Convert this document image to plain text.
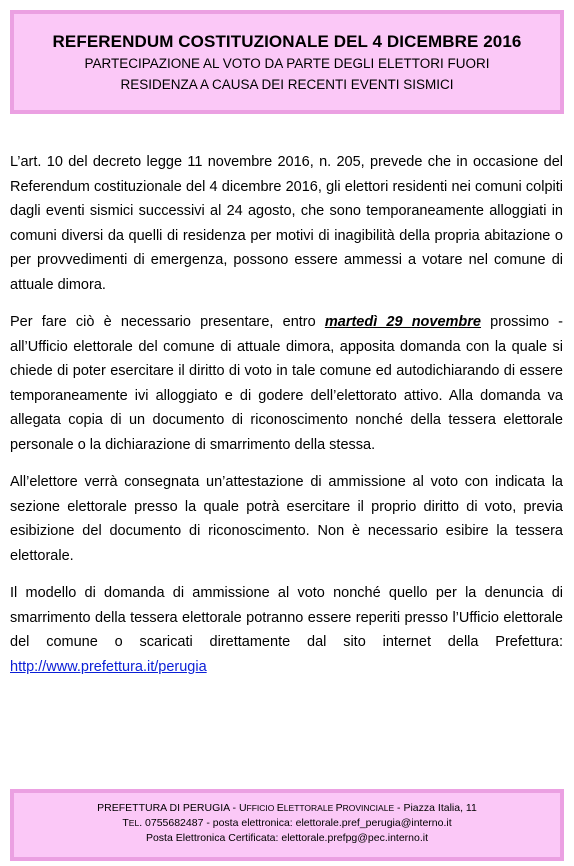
REFERENDUM COSTITUZIONALE DEL 4 DICEMBRE 2016
PARTECIPAZIONE AL VOTO DA PARTE DEGLI ELETTORI FUORI
RESIDENZA A CAUSA DEI RECENTI EVENTI SISMICI

L’art. 10 del decreto legge 11 novembre 2016, n. 205, prevede che in occasione del Referendum costituzionale del 4 dicembre 2016, gli elettori residenti nei comuni colpiti dagli eventi sismici successivi al 24 agosto, che sono temporaneamente alloggiati in comuni diversi da quelli di residenza per motivi di inagibilità della propria abitazione o per provvedimenti di emergenza, possono essere ammessi a votare nel comune di attuale dimora.

Per fare ciò è necessario presentare, entro martedì 29 novembre prossimo - all’Ufficio elettorale del comune di attuale dimora, apposita domanda con la quale si chiede di poter esercitare il diritto di voto in tale comune ed autodichiarando di essere temporaneamente ivi alloggiato e di godere dell’elettorato attivo. Alla domanda va allegata copia di un documento di riconoscimento nonché della tessera elettorale personale o la dichiarazione di smarrimento della stessa.

All’elettore verrà consegnata un’attestazione di ammissione al voto con indicata la sezione elettorale presso la quale potrà esercitare il proprio diritto di voto, previa esibizione del documento di riconoscimento. Non è necessario esibire la tessera elettorale.

Il modello di domanda di ammissione al voto nonché quello per la denuncia di smarrimento della tessera elettorale potranno essere reperiti presso l’Ufficio elettorale del comune o scaricati direttamente dal sito internet della Prefettura: http://www.prefettura.it/perugia

PREFETTURA DI PERUGIA - UFFICIO ELETTORALE PROVINCIALE - Piazza Italia, 11
TEL. 0755682487 - posta elettronica: elettorale.pref_perugia@interno.it
Posta Elettronica Certificata: elettorale.prefpg@pec.interno.it
